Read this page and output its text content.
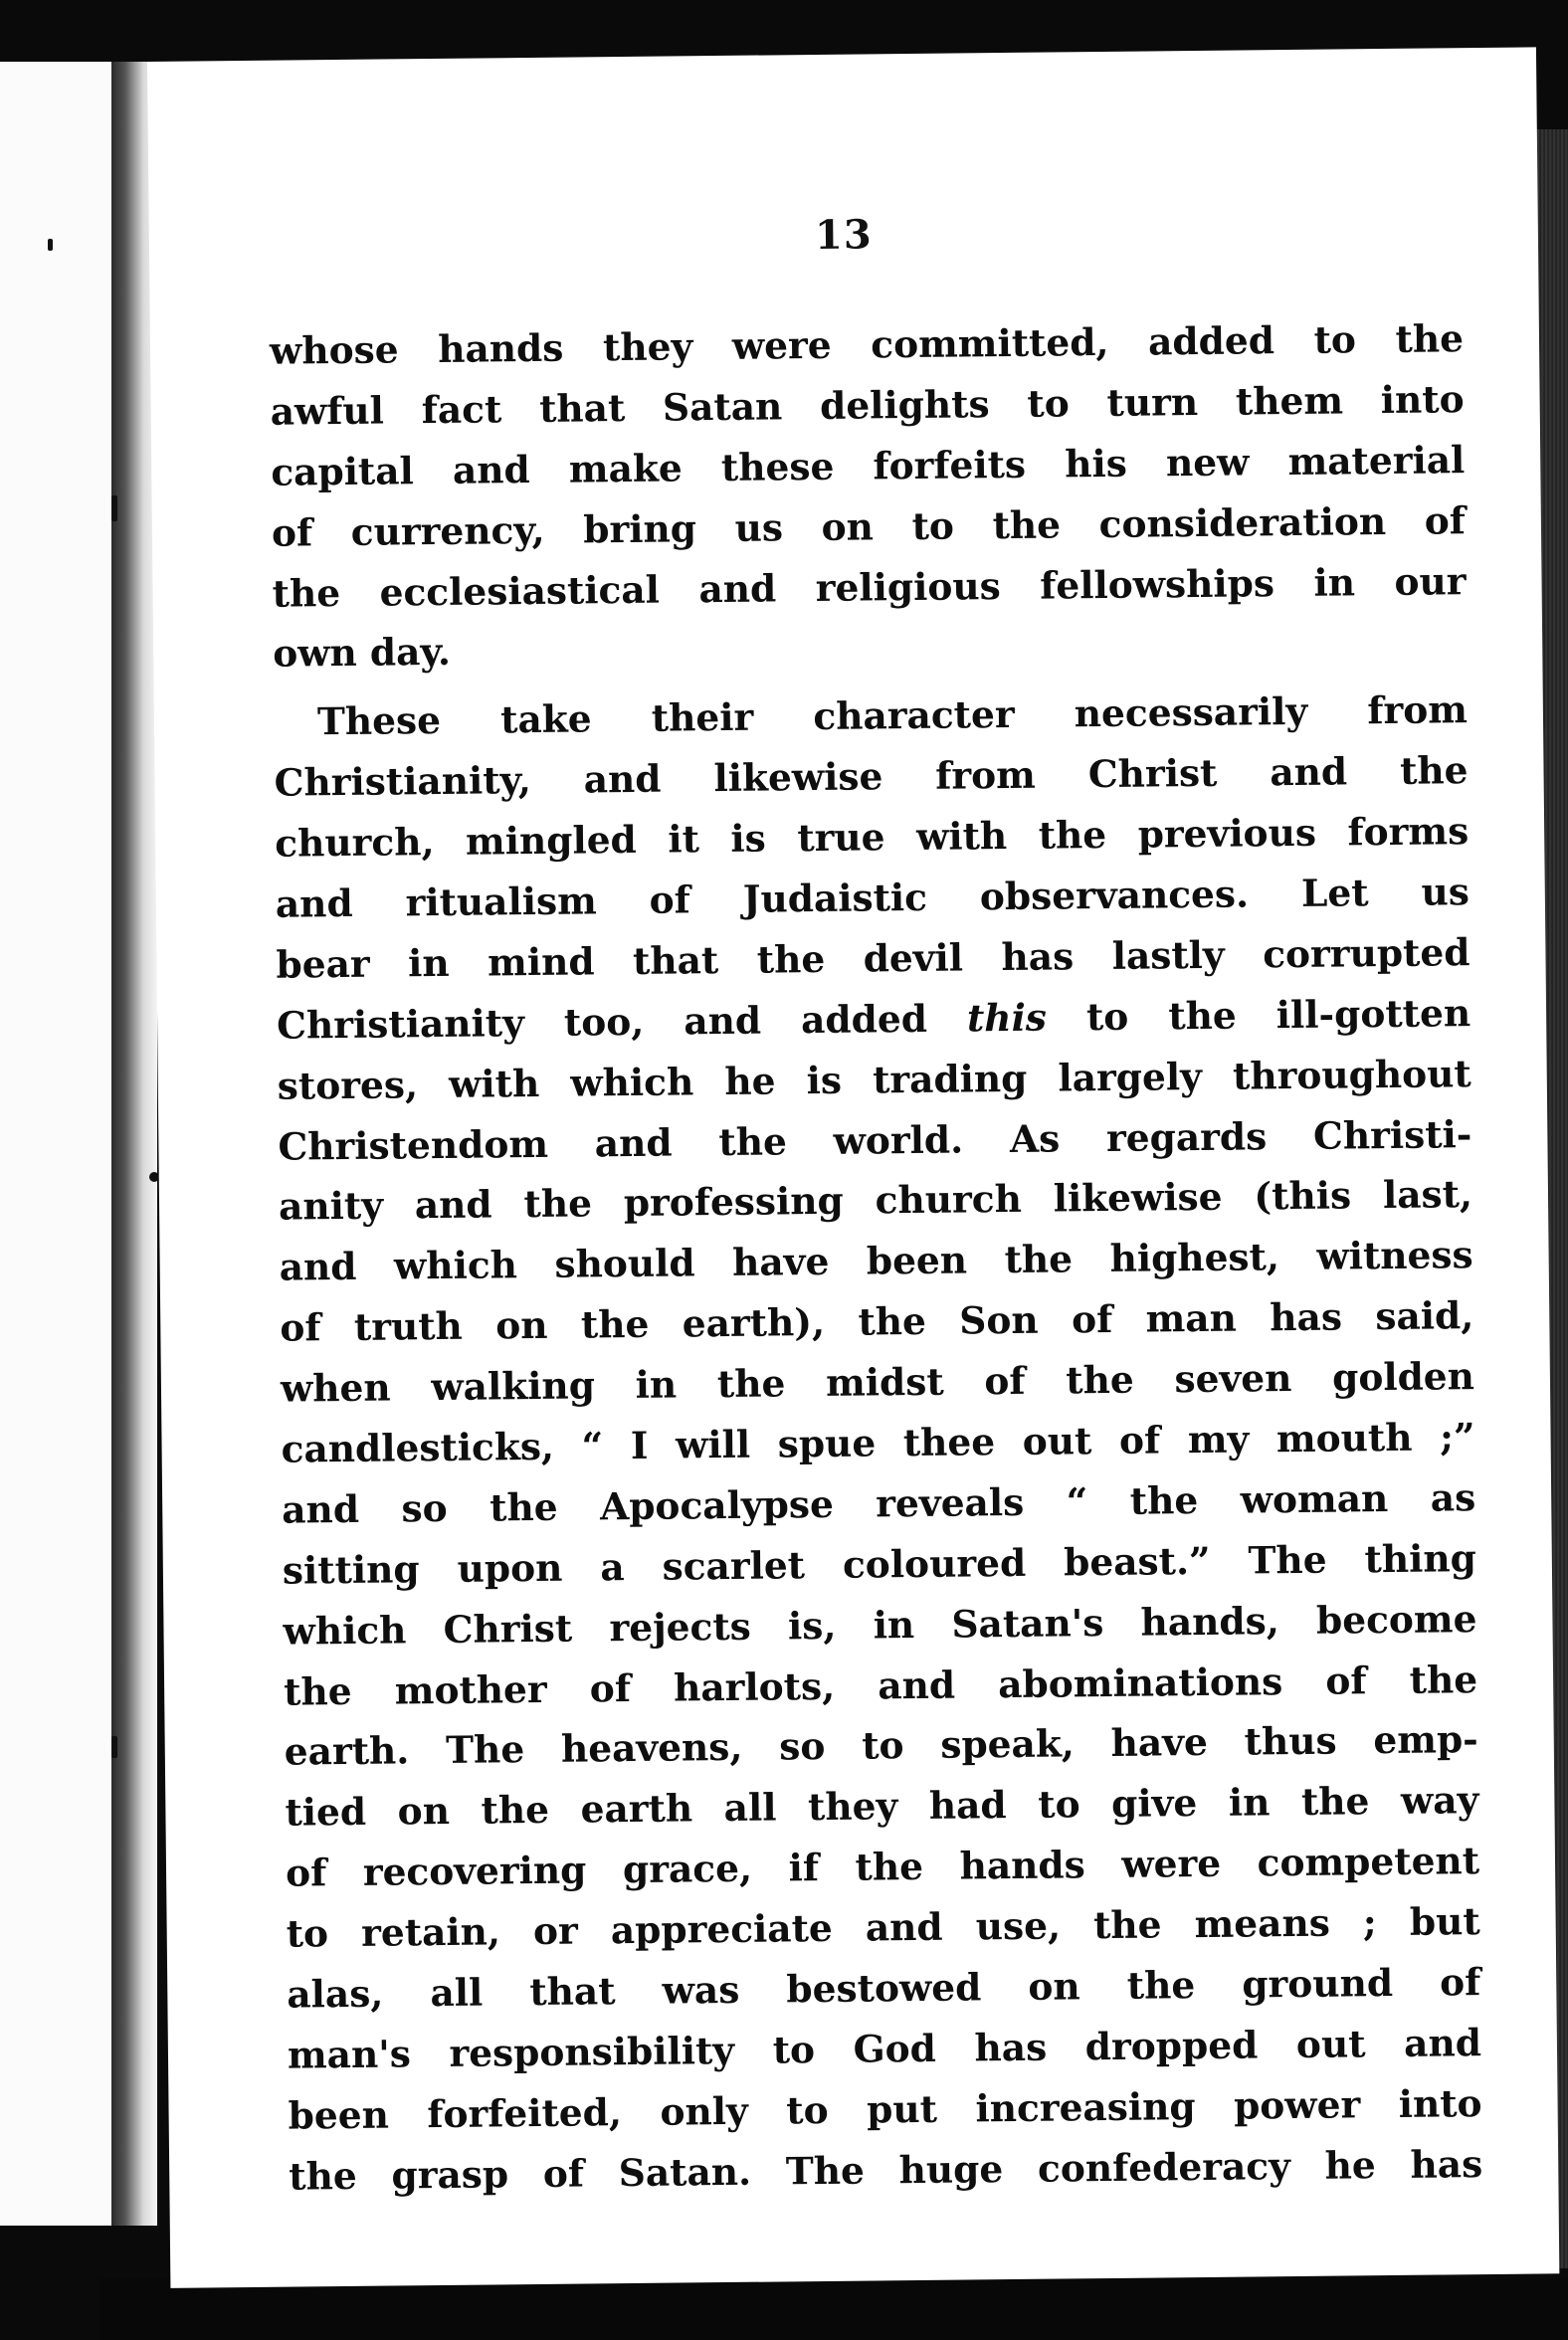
13
whose hands they were committed, added to the
awful fact that Satan delights to turn them into
capital and make these forfeits his new material
of currency, bring us on to the consideration of
the ecclesiastical and religious fellowships in our
own day.
These take their character necessarily from
Christianity, and likewise from Christ and the
church, mingled it is true with the previous forms
and ritualism of Judaistic observances. Let us
bear in mind that the devil has lastly corrupted
Christianity too, and added this to the ill-gotten
stores, with which he is trading largely throughout
Christendom and the world. As regards Christi-
anity and the professing church likewise (this last,
and which should have been the highest, witness
of truth on the earth), the Son of man has said,
when walking in the midst of the seven golden
candlesticks, “ I will spue thee out of my mouth ;”
and so the Apocalypse reveals “ the woman as
sitting upon a scarlet coloured beast.” The thing
which Christ rejects is, in Satan's hands, become
the mother of harlots, and abominations of the
earth. The heavens, so to speak, have thus emp-
tied on the earth all they had to give in the way
of recovering grace, if the hands were competent
to retain, or appreciate and use, the means ; but
alas, all that was bestowed on the ground of
man's responsibility to God has dropped out and
been forfeited, only to put increasing power into
the grasp of Satan. The huge confederacy he has
